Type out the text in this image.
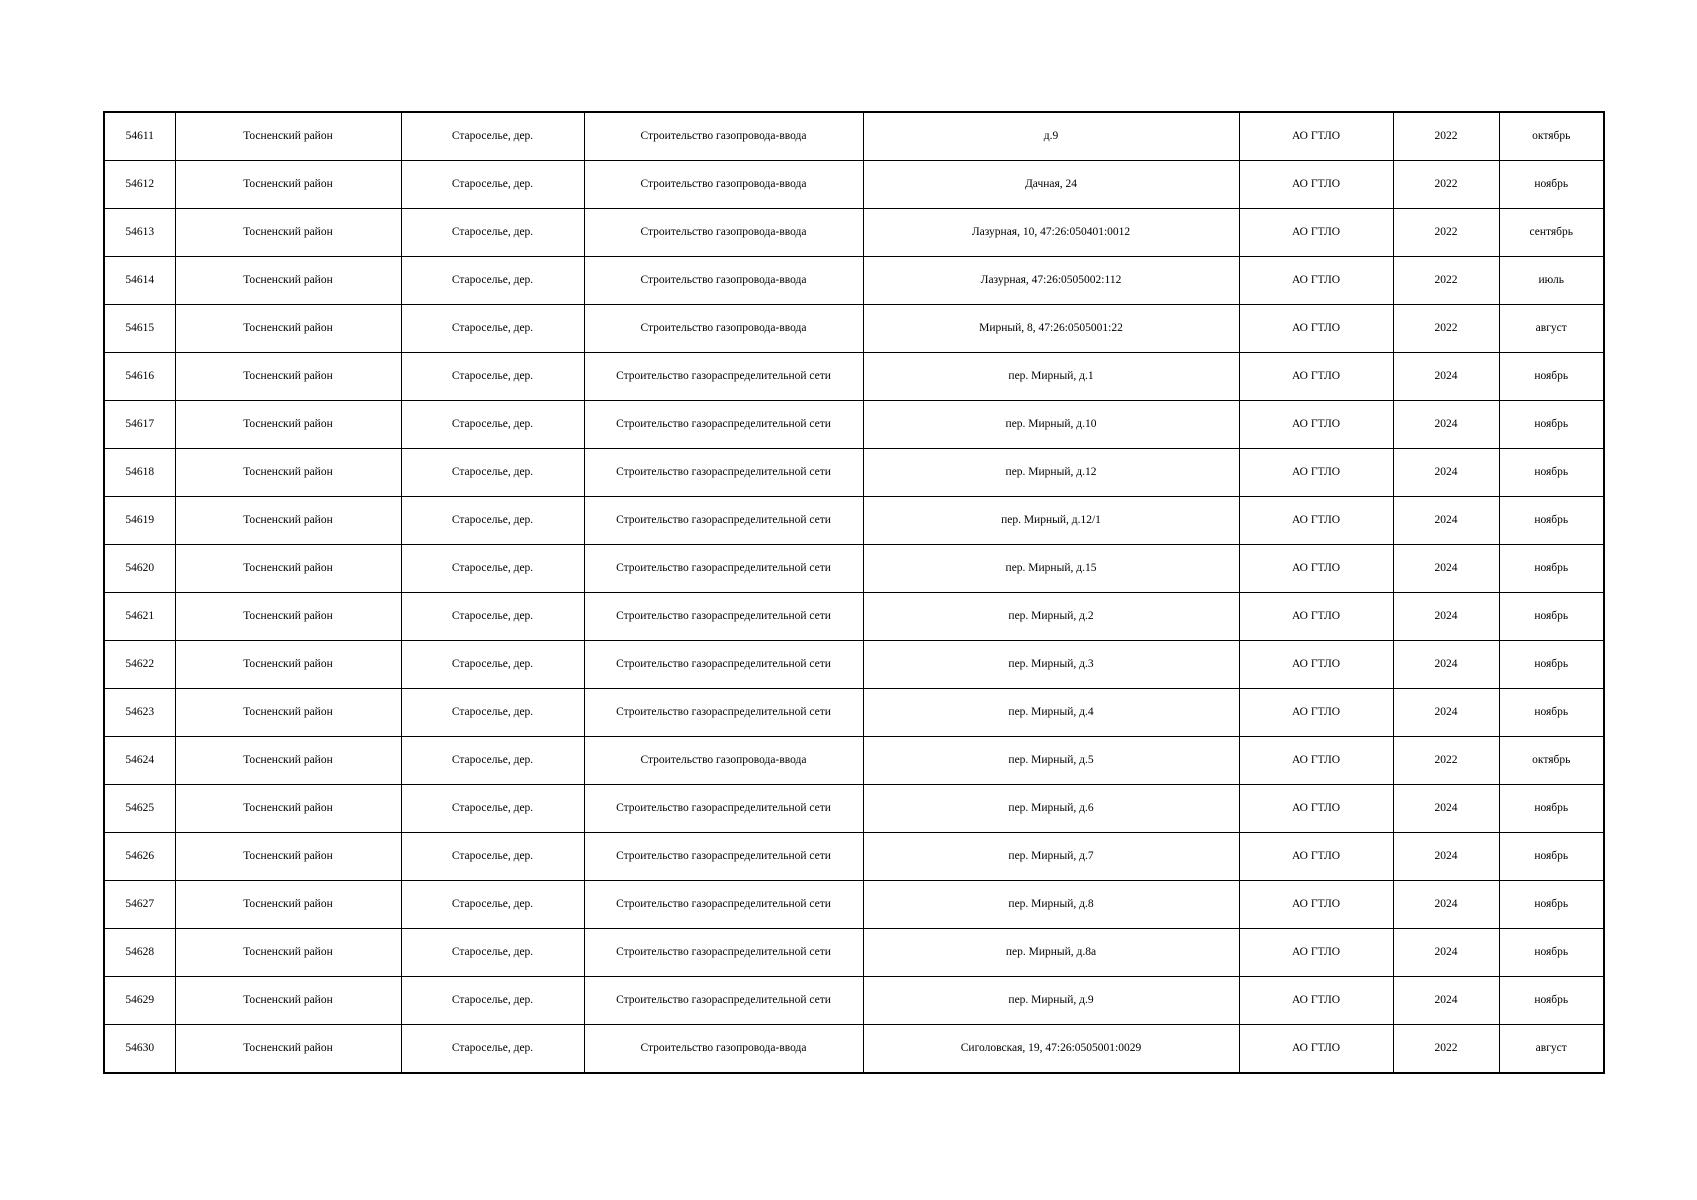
54611	Тосненский район	Староселье, дер.	Строительство газопровода-ввода	д.9	АО ГТЛО	2022	октябрь
54612	Тосненский район	Староселье, дер.	Строительство газопровода-ввода	Дачная, 24	АО ГТЛО	2022	ноябрь
54613	Тосненский район	Староселье, дер.	Строительство газопровода-ввода	Лазурная, 10, 47:26:050401:0012	АО ГТЛО	2022	сентябрь
54614	Тосненский район	Староселье, дер.	Строительство газопровода-ввода	Лазурная, 47:26:0505002:112	АО ГТЛО	2022	июль
54615	Тосненский район	Староселье, дер.	Строительство газопровода-ввода	Мирный, 8, 47:26:0505001:22	АО ГТЛО	2022	август
54616	Тосненский район	Староселье, дер.	Строительство газораспределительной сети	пер. Мирный, д.1	АО ГТЛО	2024	ноябрь
54617	Тосненский район	Староселье, дер.	Строительство газораспределительной сети	пер. Мирный, д.10	АО ГТЛО	2024	ноябрь
54618	Тосненский район	Староселье, дер.	Строительство газораспределительной сети	пер. Мирный, д.12	АО ГТЛО	2024	ноябрь
54619	Тосненский район	Староселье, дер.	Строительство газораспределительной сети	пер. Мирный, д.12/1	АО ГТЛО	2024	ноябрь
54620	Тосненский район	Староселье, дер.	Строительство газораспределительной сети	пер. Мирный, д.15	АО ГТЛО	2024	ноябрь
54621	Тосненский район	Староселье, дер.	Строительство газораспределительной сети	пер. Мирный, д.2	АО ГТЛО	2024	ноябрь
54622	Тосненский район	Староселье, дер.	Строительство газораспределительной сети	пер. Мирный, д.3	АО ГТЛО	2024	ноябрь
54623	Тосненский район	Староселье, дер.	Строительство газораспределительной сети	пер. Мирный, д.4	АО ГТЛО	2024	ноябрь
54624	Тосненский район	Староселье, дер.	Строительство газопровода-ввода	пер. Мирный, д.5	АО ГТЛО	2022	октябрь
54625	Тосненский район	Староселье, дер.	Строительство газораспределительной сети	пер. Мирный, д.6	АО ГТЛО	2024	ноябрь
54626	Тосненский район	Староселье, дер.	Строительство газораспределительной сети	пер. Мирный, д.7	АО ГТЛО	2024	ноябрь
54627	Тосненский район	Староселье, дер.	Строительство газораспределительной сети	пер. Мирный, д.8	АО ГТЛО	2024	ноябрь
54628	Тосненский район	Староселье, дер.	Строительство газораспределительной сети	пер. Мирный, д.8а	АО ГТЛО	2024	ноябрь
54629	Тосненский район	Староселье, дер.	Строительство газораспределительной сети	пер. Мирный, д.9	АО ГТЛО	2024	ноябрь
54630	Тосненский район	Староселье, дер.	Строительство газопровода-ввода	Сиголовская, 19, 47:26:0505001:0029	АО ГТЛО	2022	август
